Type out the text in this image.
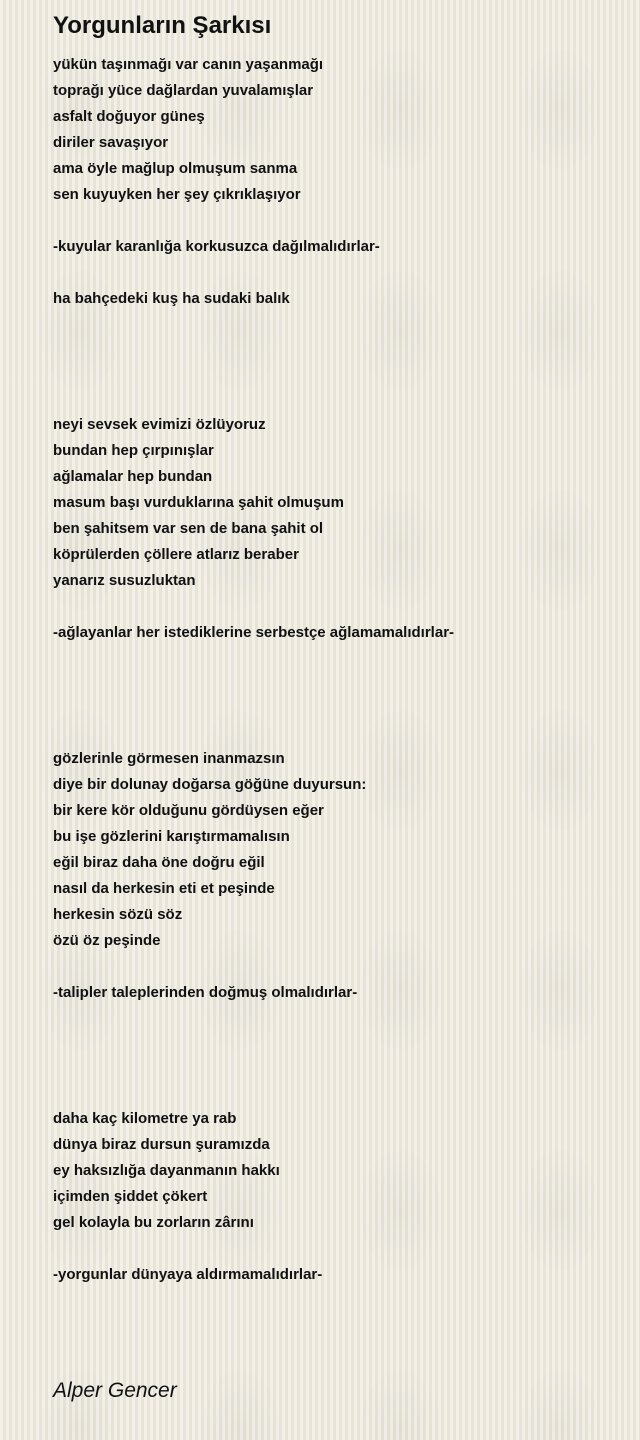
Yorgunların Şarkısı
yükün taşınmağı var canın yaşanmağı
toprağı yüce dağlardan yuvalamışlar
asfalt doğuyor güneş
diriler savaşıyor
ama öyle mağlup olmuşum sanma
sen kuyuykеn her şey çıkrıklaşıyor
-kuyular karanlığa korkusuzca dağılmalıdırlar-
ha bahçedeki kuş ha sudaki balık
neyi sevsek evimizi özlüyoruz
bundan hep çırpınışlar
ağlamalar hep bundan
masum başı vurduklarına şahit olmuşum
ben şahitsem var sen de bana şahit ol
köprülerden çöllere atlarız beraber
yanarız susuzluktan
-ağlayanlar her istediklerine serbestçe ağlamamalıdırlar-
gözlerinle görmesen inanmazsın
diye bir dolunay doğarsa göğüne duyursun:
bir kere kör olduğunu gördüysen eğer
bu işe gözlerini karıştırmamalısın
eğil biraz daha öne doğru eğil
nasıl da herkesin eti et peşinde
herkesin sözü söz
özü öz peşinde
-talipler taleplerinden doğmuş olmalıdırlar-
daha kaç kilometre ya rab
dünya biraz dursun şuramızda
ey haksızlığa dayanmanın hakkı
içimden şiddet çökert
gel kolayla bu zorların zârını
-yorgunlar dünyaya aldırmamalıdırlar-
Alper Gencer
